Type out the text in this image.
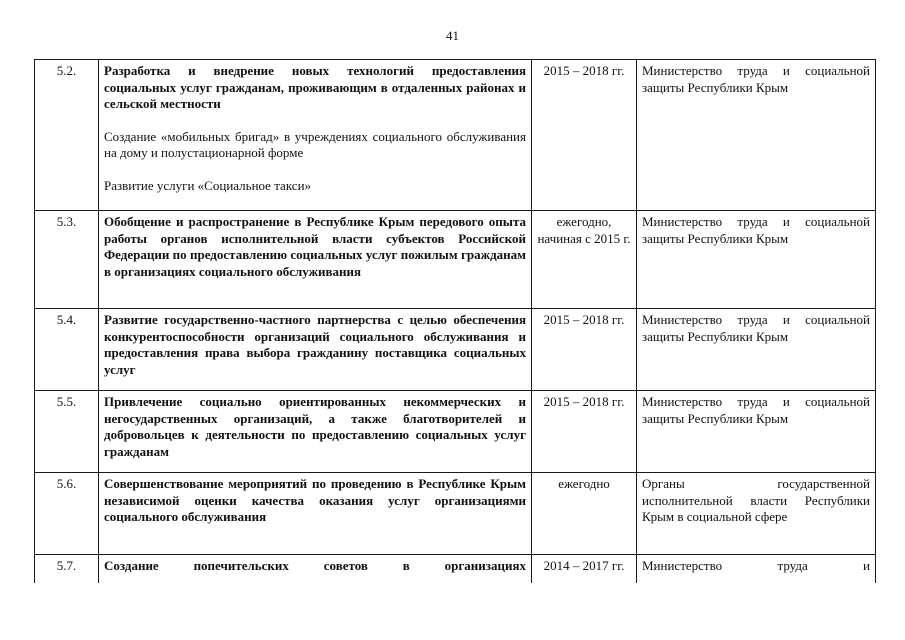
41
5.2.	Разработка и внедрение новых технологий предоставления социальных услуг гражданам, проживающим в отдаленных районах и сельской местности
Создание «мобильных бригад» в учреждениях социального обслуживания на дому и полустационарной форме
Развитие услуги «Социальное такси»	2015 – 2018 гг.	Министерство труда и социальной защиты Республики Крым
5.3.	Обобщение и распространение в Республике Крым передового опыта работы органов исполнительной власти субъектов Российской Федерации по предоставлению социальных услуг пожилым гражданам в организациях социального обслуживания	ежегодно, начиная с 2015 г.	Министерство труда и социальной защиты Республики Крым
5.4.	Развитие государственно-частного партнерства с целью обеспечения конкурентоспособности организаций социального обслуживания и предоставления права выбора гражданину поставщика социальных услуг	2015 – 2018 гг.	Министерство труда и социальной защиты Республики Крым
5.5.	Привлечение социально ориентированных некоммерческих и негосударственных организаций, а также благотворителей и добровольцев к деятельности по предоставлению социальных услуг гражданам	2015 – 2018 гг.	Министерство труда и социальной защиты Республики Крым
5.6.	Совершенствование мероприятий по проведению в Республике Крым независимой оценки качества оказания услуг организациями социального обслуживания	ежегодно	Органы государственной исполнительной власти Республики Крым в социальной сфере
5.7.	Создание попечительских советов в организациях	2014 – 2017 гг.	Министерство труда и
